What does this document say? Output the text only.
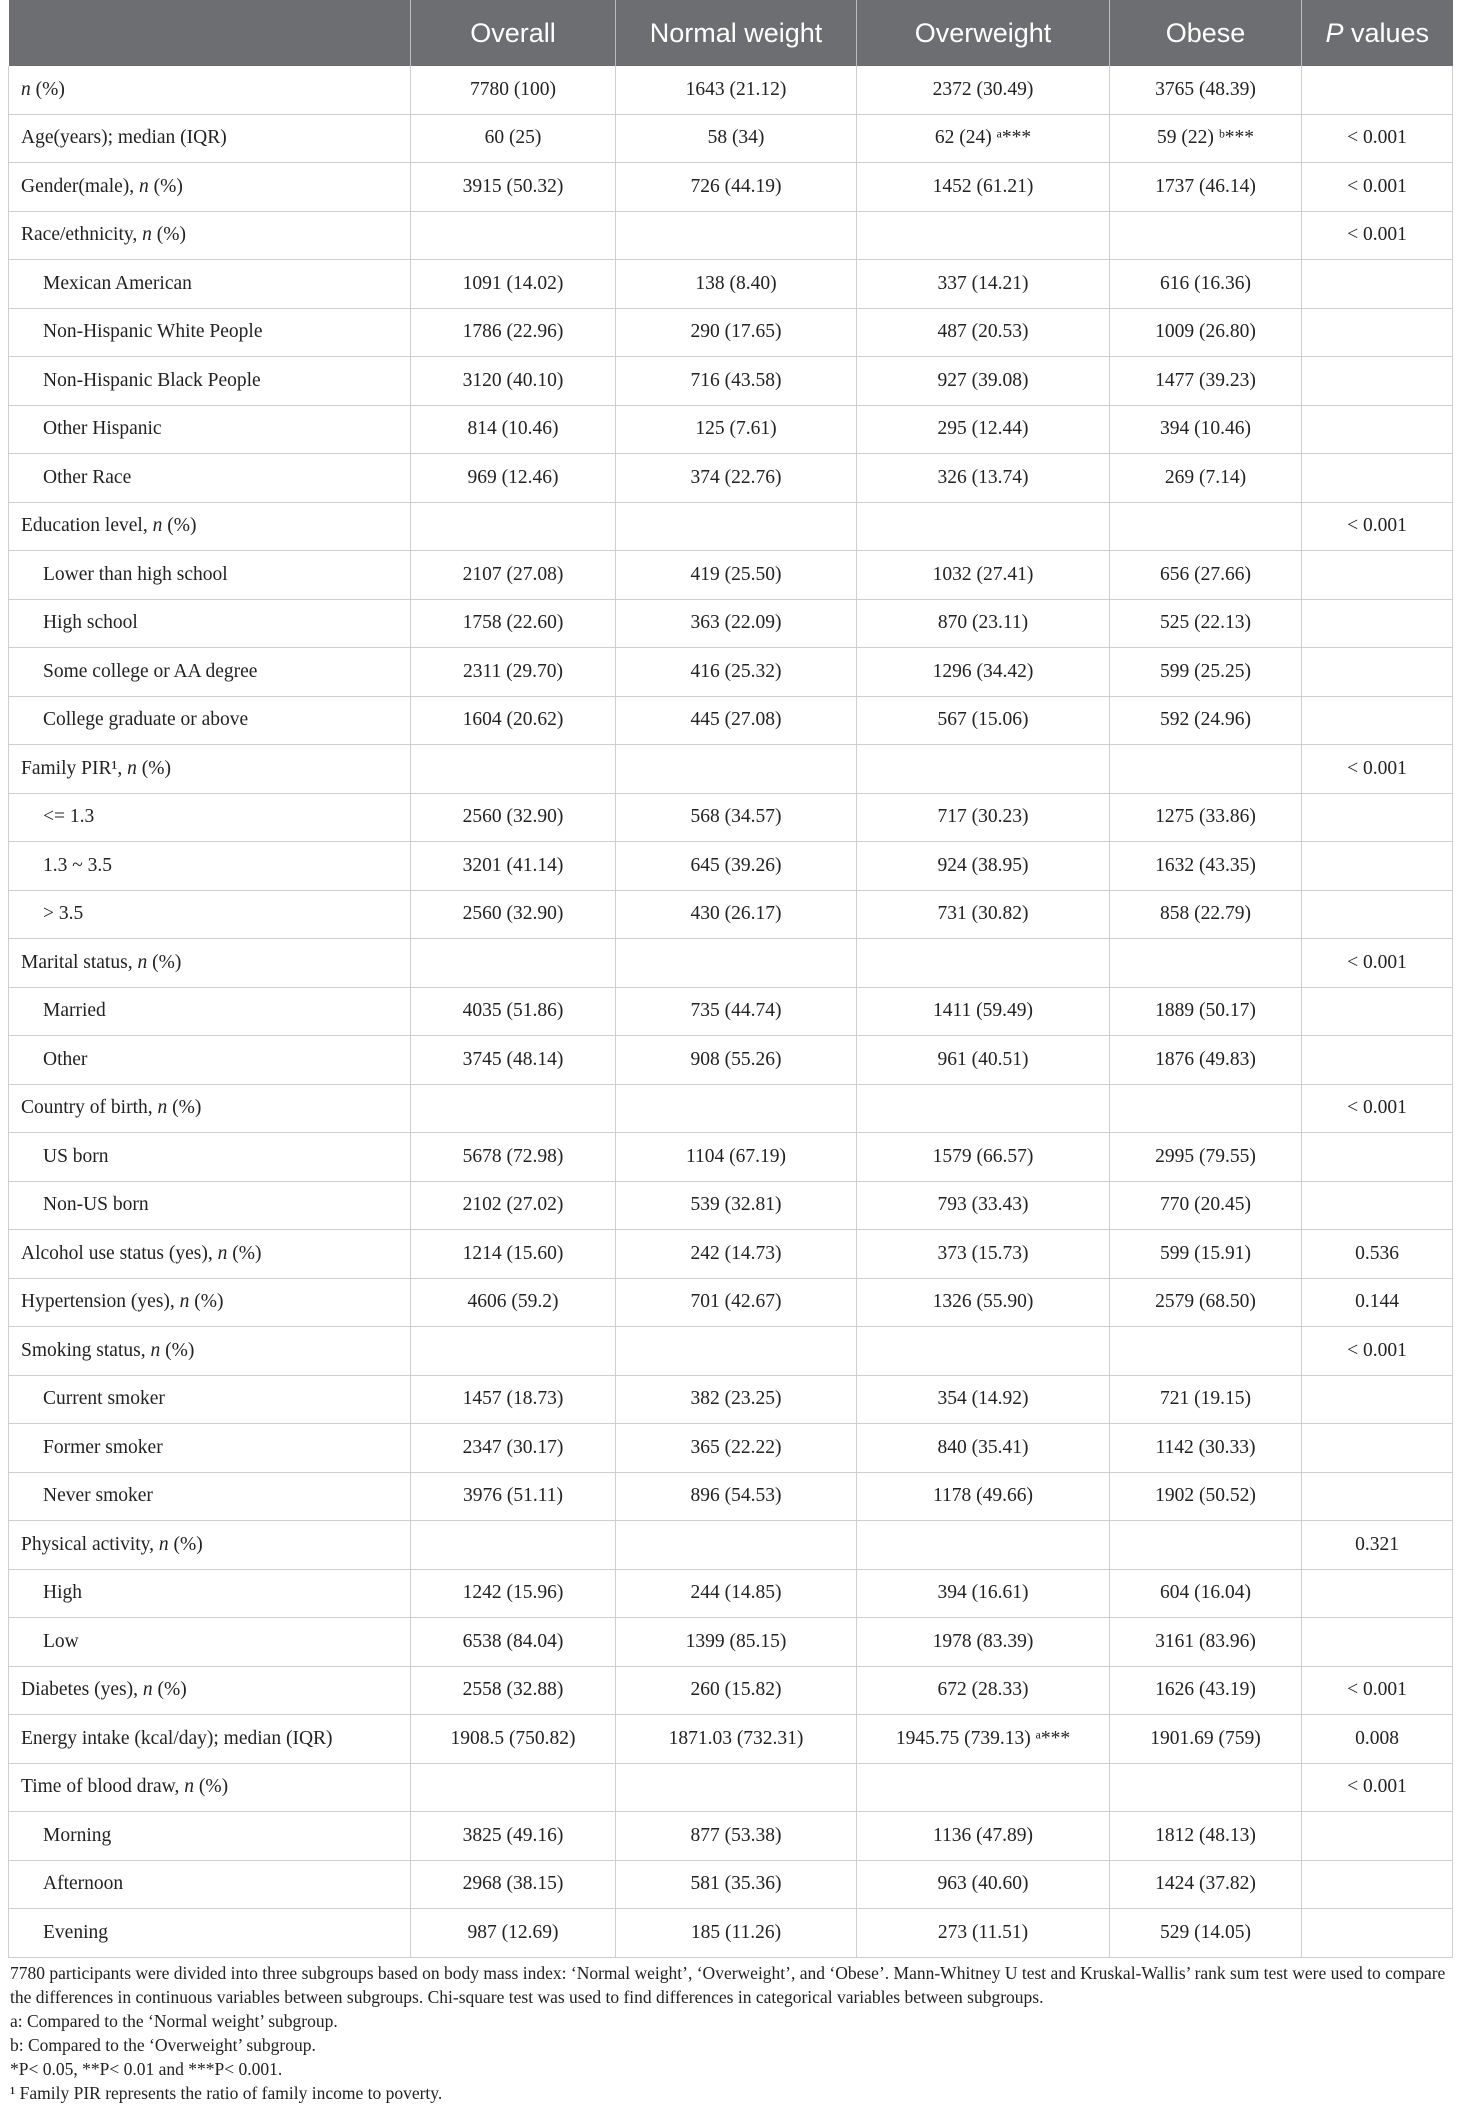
	Overall	Normal weight	Overweight	Obese	P values
n (%)	7780 (100)	1643 (21.12)	2372 (30.49)	3765 (48.39)	
Age(years); median (IQR)	60 (25)	58 (34)	62 (24) ᵃ***	59 (22) ᵇ***	< 0.001
Gender(male), n (%)	3915 (50.32)	726 (44.19)	1452 (61.21)	1737 (46.14)	< 0.001
Race/ethnicity, n (%)					< 0.001
Mexican American	1091 (14.02)	138 (8.40)	337 (14.21)	616 (16.36)	
Non-Hispanic White People	1786 (22.96)	290 (17.65)	487 (20.53)	1009 (26.80)	
Non-Hispanic Black People	3120 (40.10)	716 (43.58)	927 (39.08)	1477 (39.23)	
Other Hispanic	814 (10.46)	125 (7.61)	295 (12.44)	394 (10.46)	
Other Race	969 (12.46)	374 (22.76)	326 (13.74)	269 (7.14)	
Education level, n (%)					< 0.001
Lower than high school	2107 (27.08)	419 (25.50)	1032 (27.41)	656 (27.66)	
High school	1758 (22.60)	363 (22.09)	870 (23.11)	525 (22.13)	
Some college or AA degree	2311 (29.70)	416 (25.32)	1296 (34.42)	599 (25.25)	
College graduate or above	1604 (20.62)	445 (27.08)	567 (15.06)	592 (24.96)	
Family PIR¹, n (%)					< 0.001
<= 1.3	2560 (32.90)	568 (34.57)	717 (30.23)	1275 (33.86)	
1.3 ~ 3.5	3201 (41.14)	645 (39.26)	924 (38.95)	1632 (43.35)	
> 3.5	2560 (32.90)	430 (26.17)	731 (30.82)	858 (22.79)	
Marital status, n (%)					< 0.001
Married	4035 (51.86)	735 (44.74)	1411 (59.49)	1889 (50.17)	
Other	3745 (48.14)	908 (55.26)	961 (40.51)	1876 (49.83)	
Country of birth, n (%)					< 0.001
US born	5678 (72.98)	1104 (67.19)	1579 (66.57)	2995 (79.55)	
Non-US born	2102 (27.02)	539 (32.81)	793 (33.43)	770 (20.45)	
Alcohol use status (yes), n (%)	1214 (15.60)	242 (14.73)	373 (15.73)	599 (15.91)	0.536
Hypertension (yes), n (%)	4606 (59.2)	701 (42.67)	1326 (55.90)	2579 (68.50)	0.144
Smoking status, n (%)					< 0.001
Current smoker	1457 (18.73)	382 (23.25)	354 (14.92)	721 (19.15)	
Former smoker	2347 (30.17)	365 (22.22)	840 (35.41)	1142 (30.33)	
Never smoker	3976 (51.11)	896 (54.53)	1178 (49.66)	1902 (50.52)	
Physical activity, n (%)					0.321
High	1242 (15.96)	244 (14.85)	394 (16.61)	604 (16.04)	
Low	6538 (84.04)	1399 (85.15)	1978 (83.39)	3161 (83.96)	
Diabetes (yes), n (%)	2558 (32.88)	260 (15.82)	672 (28.33)	1626 (43.19)	< 0.001
Energy intake (kcal/day); median (IQR)	1908.5 (750.82)	1871.03 (732.31)	1945.75 (739.13) ᵃ***	1901.69 (759)	0.008
Time of blood draw, n (%)					< 0.001
Morning	3825 (49.16)	877 (53.38)	1136 (47.89)	1812 (48.13)	
Afternoon	2968 (38.15)	581 (35.36)	963 (40.60)	1424 (37.82)	
Evening	987 (12.69)	185 (11.26)	273 (11.51)	529 (14.05)	

7780 participants were divided into three subgroups based on body mass index: ‘Normal weight’, ‘Overweight’, and ‘Obese’. Mann-Whitney U test and Kruskal-Wallis’ rank sum test were used to compare the differences in continuous variables between subgroups. Chi-square test was used to find differences in categorical variables between subgroups.

a: Compared to the ‘Normal weight’ subgroup.

b: Compared to the ‘Overweight’ subgroup.

*P< 0.05, **P< 0.01 and ***P< 0.001.

¹ Family PIR represents the ratio of family income to poverty.
